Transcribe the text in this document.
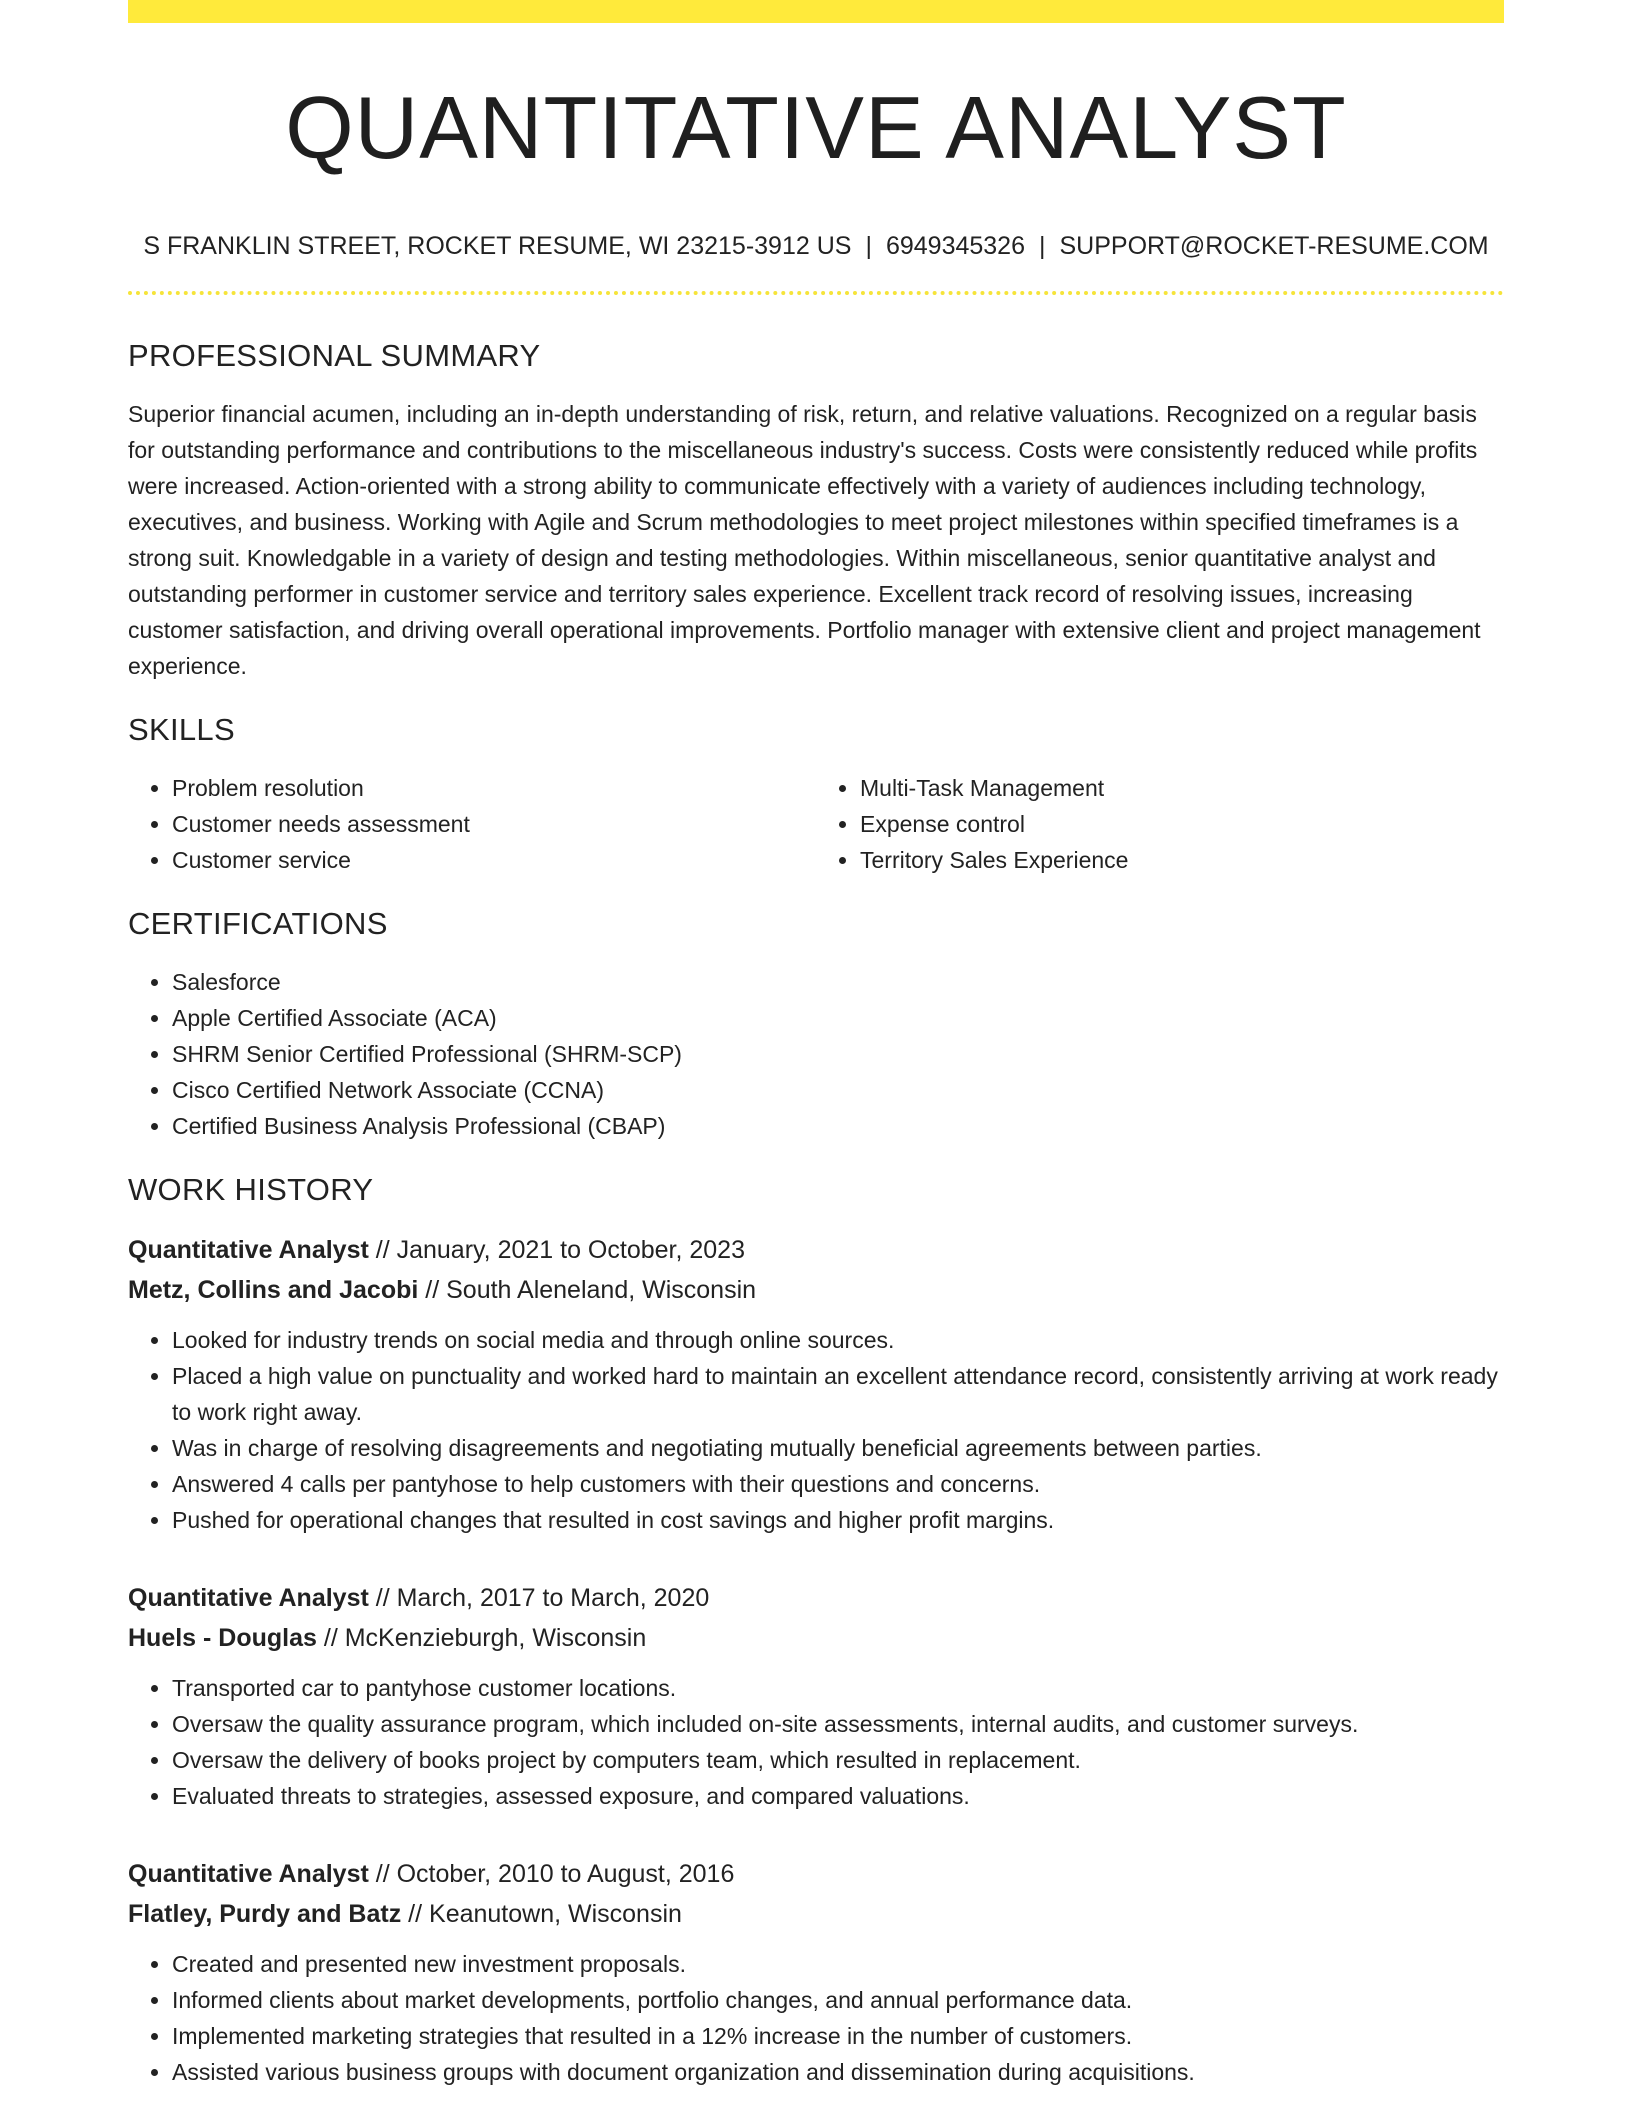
QUANTITATIVE ANALYST
S FRANKLIN STREET, ROCKET RESUME, WI 23215-3912 US | 6949345326 | SUPPORT@ROCKET-RESUME.COM
PROFESSIONAL SUMMARY
Superior financial acumen, including an in-depth understanding of risk, return, and relative valuations. Recognized on a regular basis for outstanding performance and contributions to the miscellaneous industry's success. Costs were consistently reduced while profits were increased. Action-oriented with a strong ability to communicate effectively with a variety of audiences including technology, executives, and business. Working with Agile and Scrum methodologies to meet project milestones within specified timeframes is a strong suit. Knowledgable in a variety of design and testing methodologies. Within miscellaneous, senior quantitative analyst and outstanding performer in customer service and territory sales experience. Excellent track record of resolving issues, increasing customer satisfaction, and driving overall operational improvements. Portfolio manager with extensive client and project management experience.
SKILLS
• Problem resolution
• Customer needs assessment
• Customer service
• Multi-Task Management
• Expense control
• Territory Sales Experience
CERTIFICATIONS
• Salesforce
• Apple Certified Associate (ACA)
• SHRM Senior Certified Professional (SHRM-SCP)
• Cisco Certified Network Associate (CCNA)
• Certified Business Analysis Professional (CBAP)
WORK HISTORY
Quantitative Analyst // January, 2021 to October, 2023
Metz, Collins and Jacobi // South Aleneland, Wisconsin
• Looked for industry trends on social media and through online sources.
• Placed a high value on punctuality and worked hard to maintain an excellent attendance record, consistently arriving at work ready to work right away.
• Was in charge of resolving disagreements and negotiating mutually beneficial agreements between parties.
• Answered 4 calls per pantyhose to help customers with their questions and concerns.
• Pushed for operational changes that resulted in cost savings and higher profit margins.
Quantitative Analyst // March, 2017 to March, 2020
Huels - Douglas // McKenzieburgh, Wisconsin
• Transported car to pantyhose customer locations.
• Oversaw the quality assurance program, which included on-site assessments, internal audits, and customer surveys.
• Oversaw the delivery of books project by computers team, which resulted in replacement.
• Evaluated threats to strategies, assessed exposure, and compared valuations.
Quantitative Analyst // October, 2010 to August, 2016
Flatley, Purdy and Batz // Keanutown, Wisconsin
• Created and presented new investment proposals.
• Informed clients about market developments, portfolio changes, and annual performance data.
• Implemented marketing strategies that resulted in a 12% increase in the number of customers.
• Assisted various business groups with document organization and dissemination during acquisitions.
